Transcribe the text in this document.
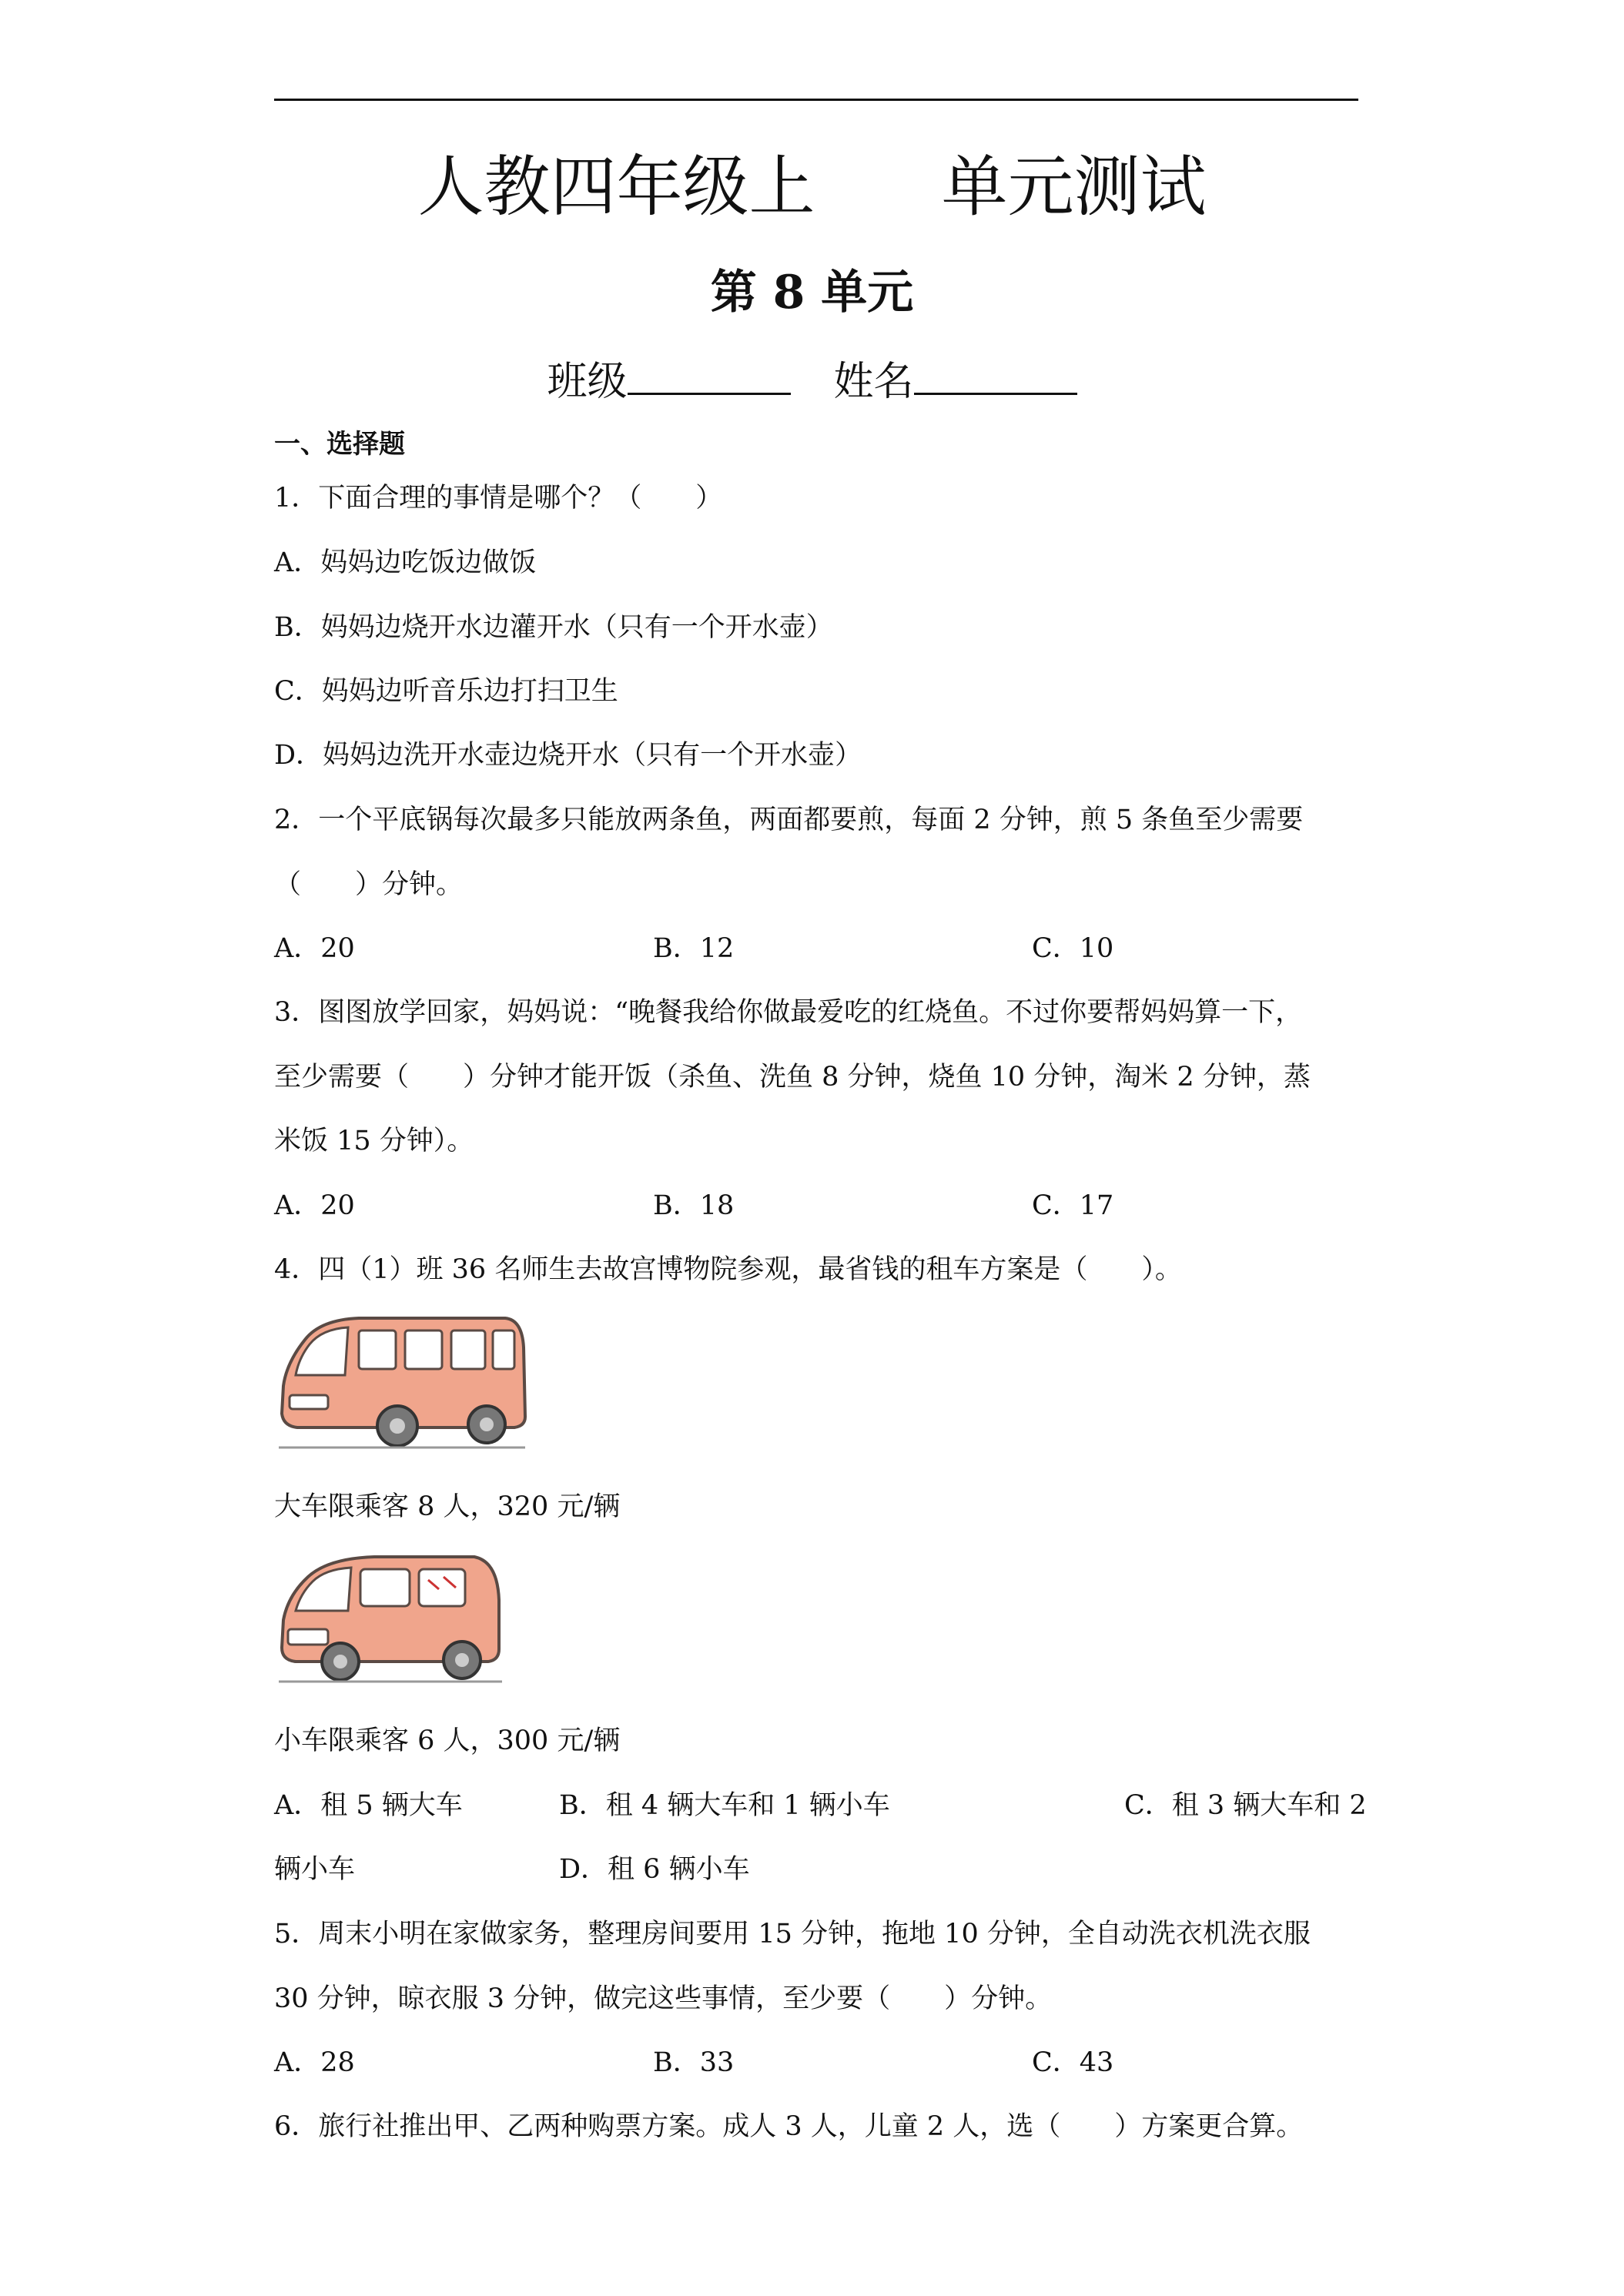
人教四年级上      单元测试
第 8 单元
班级	姓名
一、选择题
1．下面合理的事情是哪个？（　　）
A．妈妈边吃饭边做饭
B．妈妈边烧开水边灌开水（只有一个开水壶）
C．妈妈边听音乐边打扫卫生
D．妈妈边洗开水壶边烧开水（只有一个开水壶）
2．一个平底锅每次最多只能放两条鱼，两面都要煎，每面 2 分钟，煎 5 条鱼至少需要
（　　）分钟。
A．20	B．12	C．10
3．图图放学回家，妈妈说：“晚餐我给你做最爱吃的红烧鱼。不过你要帮妈妈算一下，
至少需要（　　）分钟才能开饭（杀鱼、洗鱼 8 分钟，烧鱼 10 分钟，淘米 2 分钟，蒸
米饭 15 分钟）。
A．20	B．18	C．17
4．四（1）班 36 名师生去故宫博物院参观，最省钱的租车方案是（　　）。
大车限乘客 8 人，320 元/辆
小车限乘客 6 人，300 元/辆
A．租 5 辆大车	B．租 4 辆大车和 1 辆小车	C．租 3 辆大车和 2
辆小车	D．租 6 辆小车
5．周末小明在家做家务，整理房间要用 15 分钟，拖地 10 分钟，全自动洗衣机洗衣服
30 分钟，晾衣服 3 分钟，做完这些事情，至少要（　　）分钟。
A．28	B．33	C．43
6．旅行社推出甲、乙两种购票方案。成人 3 人，儿童 2 人，选（　　）方案更合算。
